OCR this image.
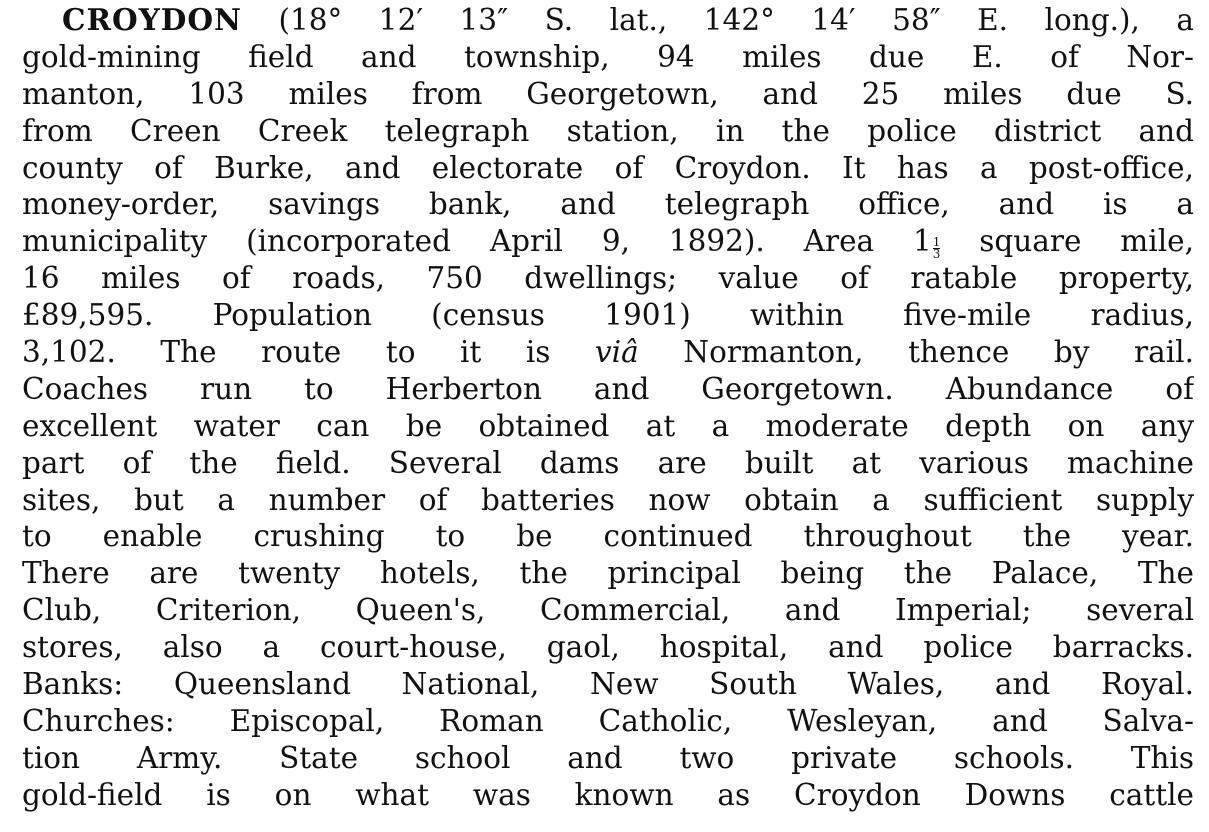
CROYDON (18° 12′ 13″ S. lat., 142° 14′ 58″ E. long.), a
gold-mining field and township, 94 miles due E. of Nor-
manton, 103 miles from Georgetown, and 25 miles due S.
from Creen Creek telegraph station, in the police district and
county of Burke, and electorate of Croydon. It has a post-office,
money-order, savings bank, and telegraph office, and is a
municipality (incorporated April 9, 1892). Area $1 \frac{1}{3}$ square mile,
16 miles of roads, 750 dwellings; value of ratable property,
£89,595. Population (census 1901) within five-mile radius,
3,102. The route to it is viâ Normanton, thence by rail.
Coaches run to Herberton and Georgetown. Abundance of
excellent water can be obtained at a moderate depth on any
part of the field. Several dams are built at various machine
sites, but a number of batteries now obtain a sufficient supply
to enable crushing to be continued throughout the year.
There are twenty hotels, the principal being the Palace, The
Club, Criterion, Queen's, Commercial, and Imperial; several
stores, also a court-house, gaol, hospital, and police barracks.
Banks: Queensland National, New South Wales, and Royal.
Churches: Episcopal, Roman Catholic, Wesleyan, and Salva-
tion Army. State school and two private schools. This
gold-field is on what was known as Croydon Downs cattle
